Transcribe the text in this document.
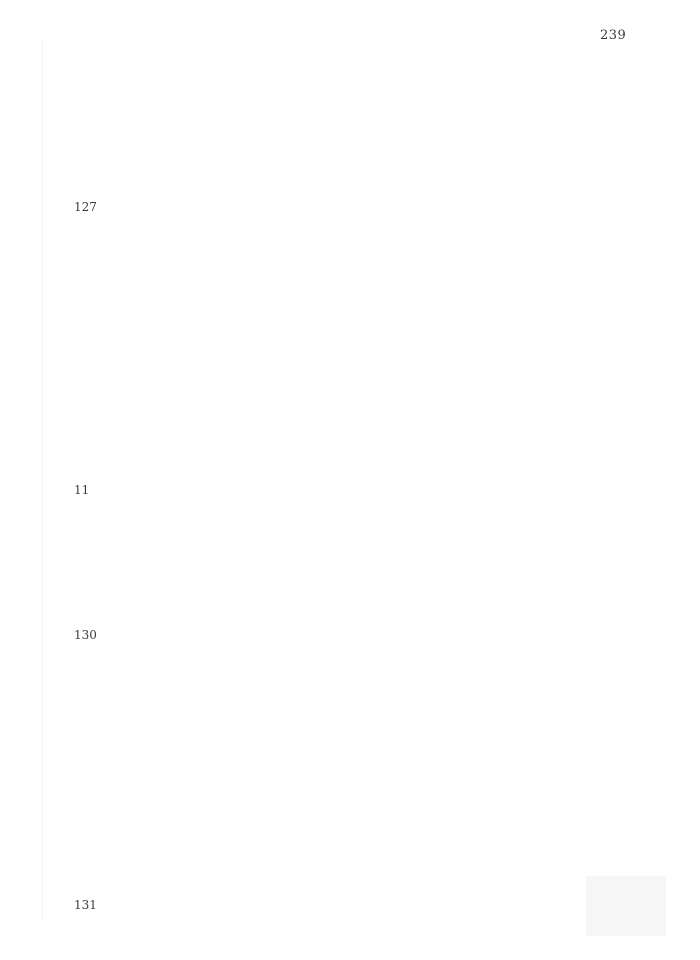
239
127
11
130
131
